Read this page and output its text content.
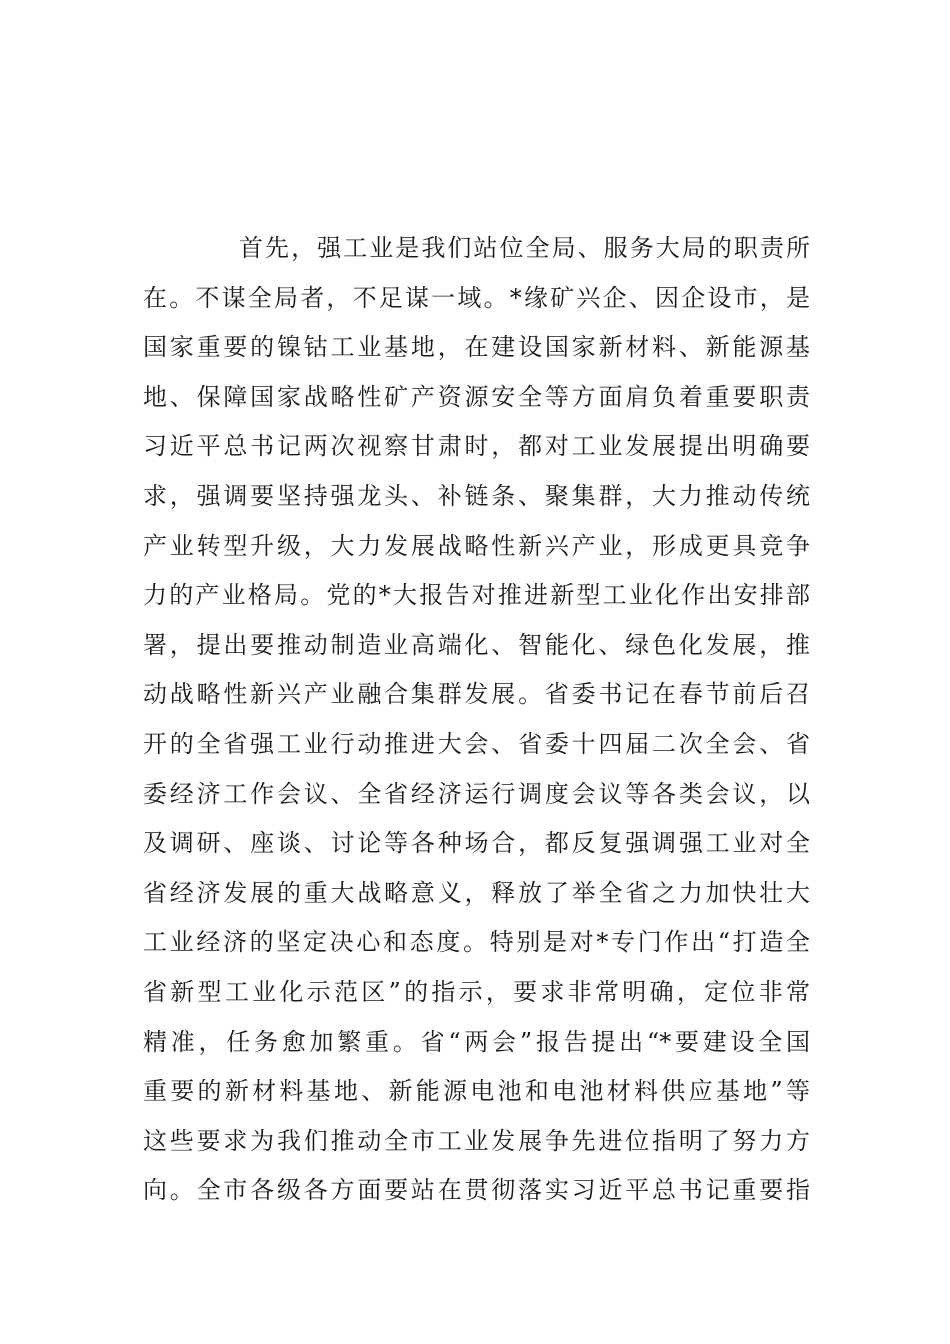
首先，强工业是我们站位全局、服务大局的职责所
在。不谋全局者，不足谋一域。*缘矿兴企、因企设市，是
国家重要的镍钴工业基地，在建设国家新材料、新能源基
地、保障国家战略性矿产资源安全等方面肩负着重要职责
习近平总书记两次视察甘肃时，都对工业发展提出明确要
求，强调要坚持强龙头、补链条、聚集群，大力推动传统
产业转型升级，大力发展战略性新兴产业，形成更具竞争
力的产业格局。党的*大报告对推进新型工业化作出安排部
署，提出要推动制造业高端化、智能化、绿色化发展，推
动战略性新兴产业融合集群发展。省委书记在春节前后召
开的全省强工业行动推进大会、省委十四届二次全会、省
委经济工作会议、全省经济运行调度会议等各类会议，以
及调研、座谈、讨论等各种场合，都反复强调强工业对全
省经济发展的重大战略意义，释放了举全省之力加快壮大
工业经济的坚定决心和态度。特别是对*专门作出“打造全
省新型工业化示范区”的指示，要求非常明确，定位非常
精准，任务愈加繁重。省“两会”报告提出“*要建设全国
重要的新材料基地、新能源电池和电池材料供应基地”等
这些要求为我们推动全市工业发展争先进位指明了努力方
向。全市各级各方面要站在贯彻落实习近平总书记重要指
